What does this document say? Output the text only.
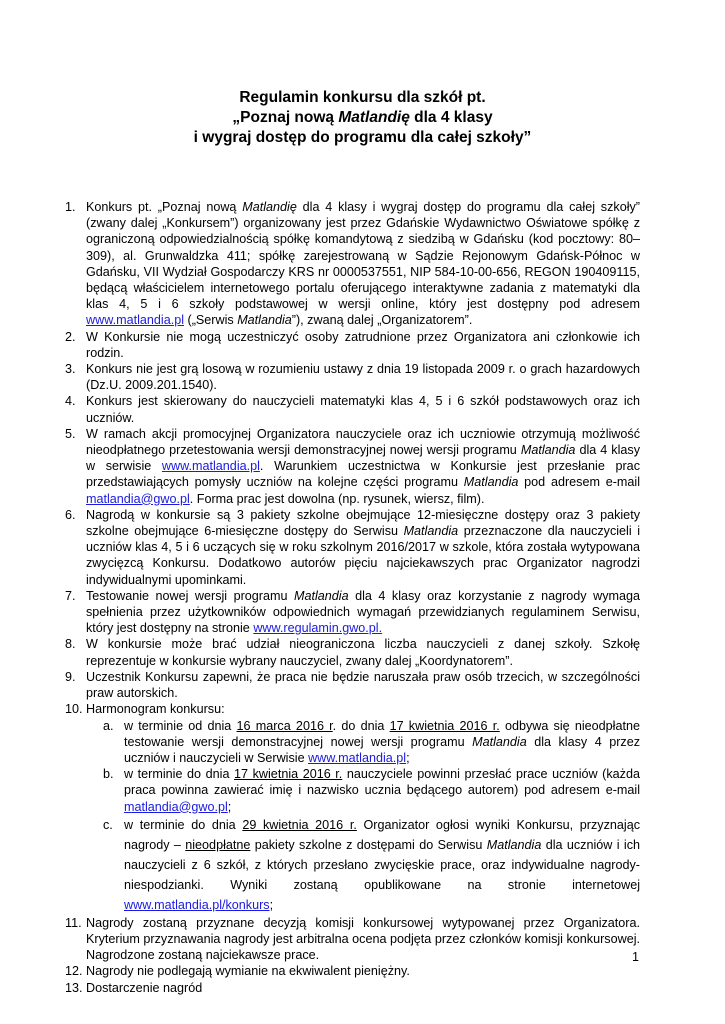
Regulamin konkursu dla szkół pt.
„Poznaj nową Matlandię dla 4 klasy
i wygraj dostęp do programu dla całej szkoły”
1. Konkurs pt. „Poznaj nową Matlandię dla 4 klasy i wygraj dostęp do programu dla całej szkoły” (zwany dalej „Konkursem”) organizowany jest przez Gdańskie Wydawnictwo Oświatowe spółkę z ograniczoną odpowiedzialnością spółkę komandytową z siedzibą w Gdańsku (kod pocztowy: 80–309), al. Grunwaldzka 411; spółkę zarejestrowaną w Sądzie Rejonowym Gdańsk-Północ w Gdańsku, VII Wydział Gospodarczy KRS nr 0000537551, NIP 584-10-00-656, REGON 190409115, będącą właścicielem internetowego portalu oferującego interaktywne zadania z matematyki dla klas 4, 5 i 6 szkoły podstawowej w wersji online, który jest dostępny pod adresem www.matlandia.pl („Serwis Matlandia”), zwaną dalej „Organizatorem”.
2. W Konkursie nie mogą uczestniczyć osoby zatrudnione przez Organizatora ani członkowie ich rodzin.
3. Konkurs nie jest grą losową w rozumieniu ustawy z dnia 19 listopada 2009 r. o grach hazardowych (Dz.U. 2009.201.1540).
4. Konkurs jest skierowany do nauczycieli matematyki klas 4, 5 i 6 szkół podstawowych oraz ich uczniów.
5. W ramach akcji promocyjnej Organizatora nauczyciele oraz ich uczniowie otrzymują możliwość nieodpłatnego przetestowania wersji demonstracyjnej nowej wersji programu Matlandia dla 4 klasy w serwisie www.matlandia.pl. Warunkiem uczestnictwa w Konkursie jest przesłanie prac przedstawiających pomysły uczniów na kolejne części programu Matlandia pod adresem e-mail matlandia@gwo.pl. Forma prac jest dowolna (np. rysunek, wiersz, film).
6. Nagrodą w konkursie są 3 pakiety szkolne obejmujące 12-miesięczne dostępy oraz 3 pakiety szkolne obejmujące 6-miesięczne dostępy do Serwisu Matlandia przeznaczone dla nauczycieli i uczniów klas 4, 5 i 6 uczących się w roku szkolnym 2016/2017 w szkole, która została wytypowana zwycięzcą Konkursu. Dodatkowo autorów pięciu najciekawszych prac Organizator nagrodzi indywidualnymi upominkami.
7. Testowanie nowej wersji programu Matlandia dla 4 klasy oraz korzystanie z nagrody wymaga spełnienia przez użytkowników odpowiednich wymagań przewidzianych regulaminem Serwisu, który jest dostępny na stronie www.regulamin.gwo.pl.
8. W konkursie może brać udział nieograniczona liczba nauczycieli z danej szkoły. Szkołę reprezentuje w konkursie wybrany nauczyciel, zwany dalej „Koordynatorem”.
9. Uczestnik Konkursu zapewni, że praca nie będzie naruszała praw osób trzecich, w szczególności praw autorskich.
10. Harmonogram konkursu:
a. w terminie od dnia 16 marca 2016 r. do dnia 17 kwietnia 2016 r. odbywa się nieodpłatne testowanie wersji demonstracyjnej nowej wersji programu Matlandia dla klasy 4 przez uczniów i nauczycieli w Serwisie www.matlandia.pl;
b. w terminie do dnia 17 kwietnia 2016 r. nauczyciele powinni przesłać prace uczniów (każda praca powinna zawierać imię i nazwisko ucznia będącego autorem) pod adresem e-mail matlandia@gwo.pl;
c. w terminie do dnia 29 kwietnia 2016 r. Organizator ogłosi wyniki Konkursu, przyznając nagrody – nieodpłatne pakiety szkolne z dostępami do Serwisu Matlandia dla uczniów i ich nauczycieli z 6 szkół, z których przesłano zwycięskie prace, oraz indywidualne nagrody-niespodzianki. Wyniki zostaną opublikowane na stronie internetowej www.matlandia.pl/konkurs;
11. Nagrody zostaną przyznane decyzją komisji konkursowej wytypowanej przez Organizatora. Kryterium przyznawania nagrody jest arbitralna ocena podjęta przez członków komisji konkursowej. Nagrodzone zostaną najciekawsze prace.
12. Nagrody nie podlegają wymianie na ekwiwalent pieniężny.
13. Dostarczenie nagród
1
